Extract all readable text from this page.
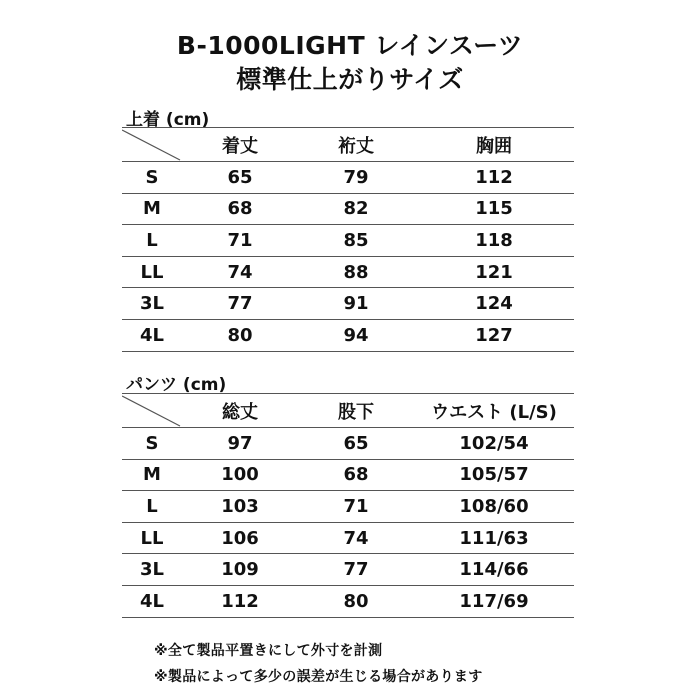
B-1000LIGHT レインスーツ
標準仕上がりサイズ
上着 (cm)
	着丈	裄丈	胸囲
S	65	79	112
M	68	82	115
L	71	85	118
LL	74	88	121
3L	77	91	124
4L	80	94	127
パンツ (cm)
	総丈	股下	ウエスト (L/S)
S	97	65	102/54
M	100	68	105/57
L	103	71	108/60
LL	106	74	111/63
3L	109	77	114/66
4L	112	80	117/69
※全て製品平置きにして外寸を計測
※製品によって多少の誤差が生じる場合があります
